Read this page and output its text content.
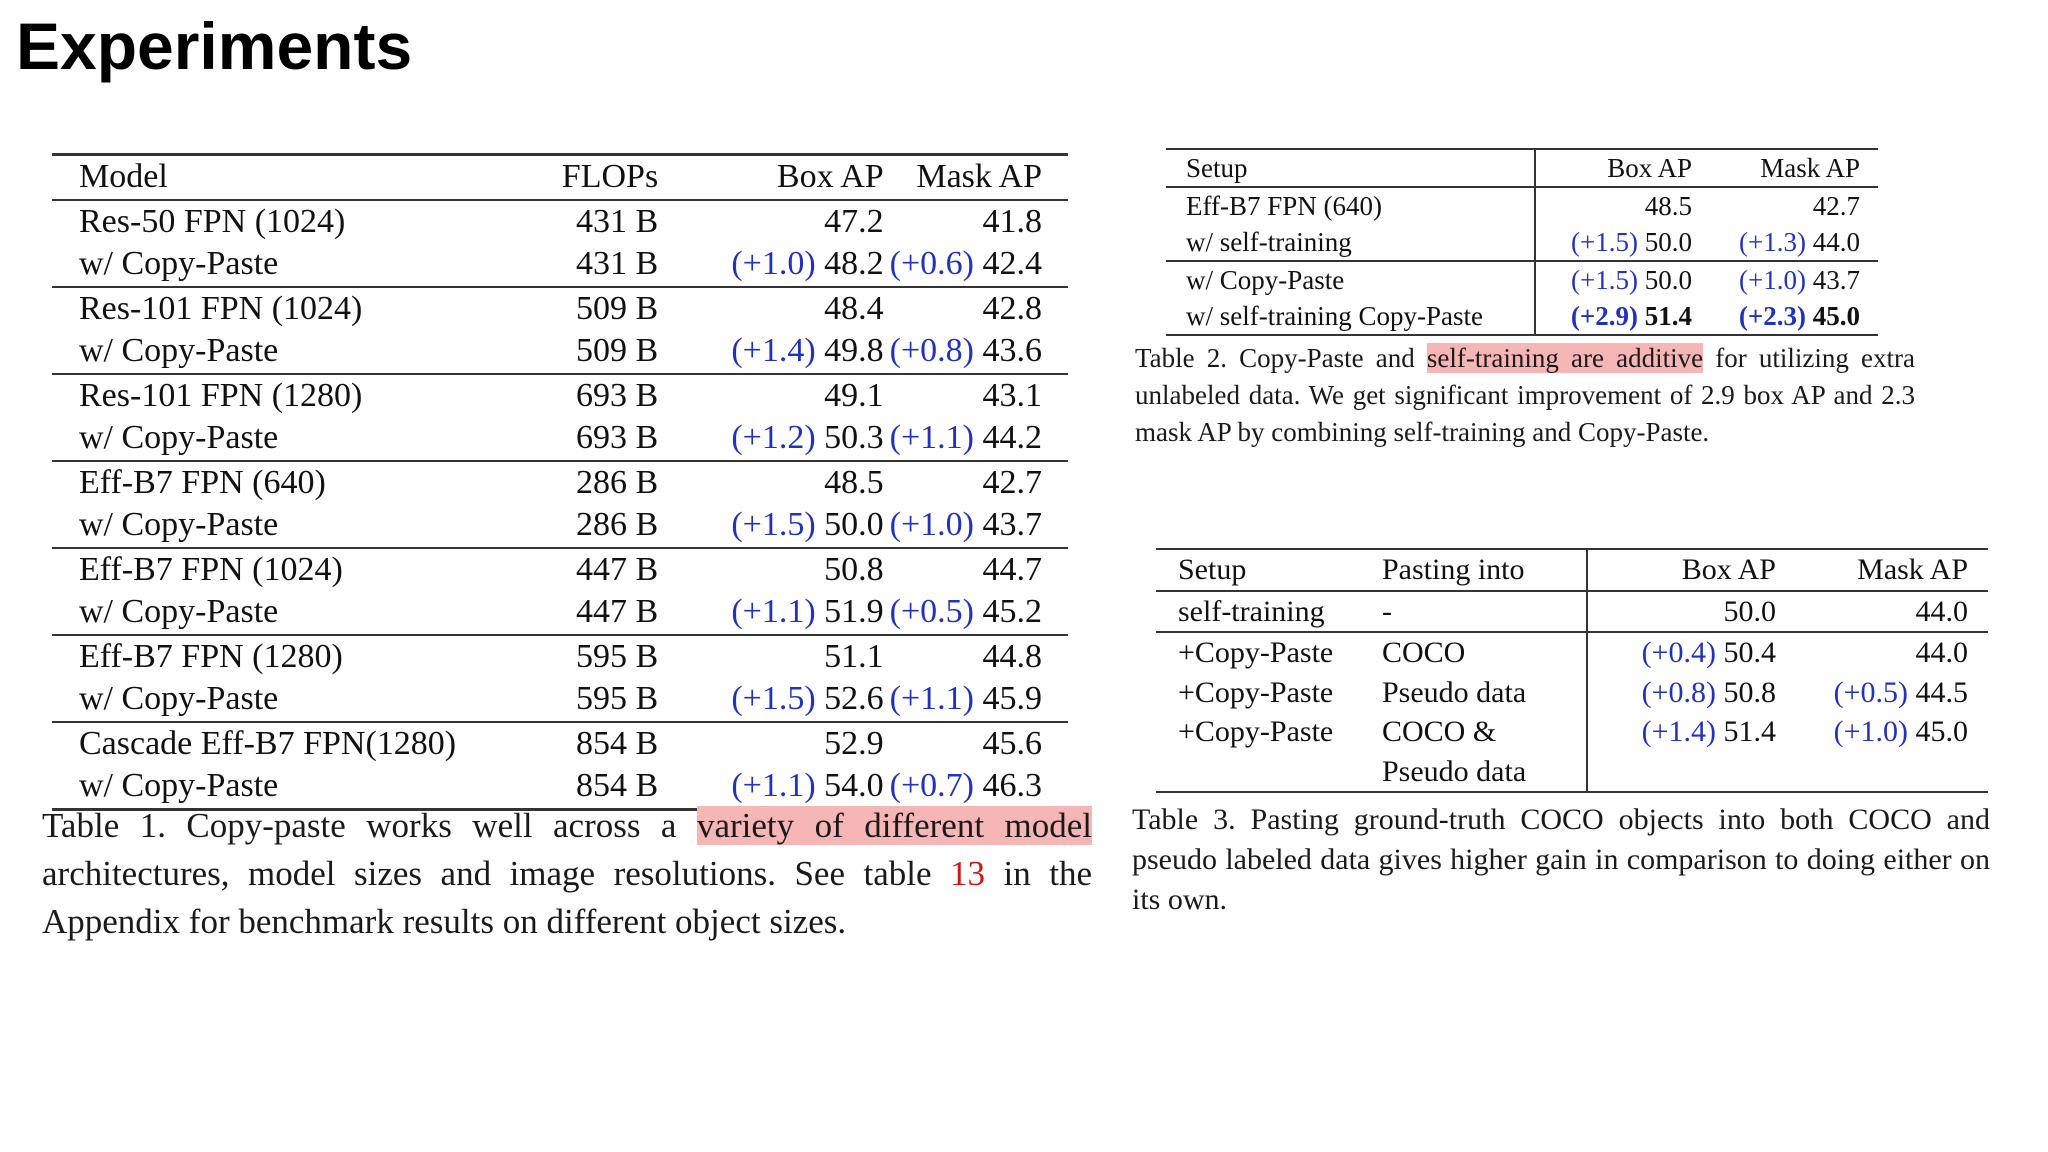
Experiments
Model	FLOPs	Box AP	Mask AP
Res-50 FPN (1024)	431 B	47.2	41.8
w/ Copy-Paste	431 B	(+1.0) 48.2	(+0.6) 42.4
Res-101 FPN (1024)	509 B	48.4	42.8
w/ Copy-Paste	509 B	(+1.4) 49.8	(+0.8) 43.6
Res-101 FPN (1280)	693 B	49.1	43.1
w/ Copy-Paste	693 B	(+1.2) 50.3	(+1.1) 44.2
Eff-B7 FPN (640)	286 B	48.5	42.7
w/ Copy-Paste	286 B	(+1.5) 50.0	(+1.0) 43.7
Eff-B7 FPN (1024)	447 B	50.8	44.7
w/ Copy-Paste	447 B	(+1.1) 51.9	(+0.5) 45.2
Eff-B7 FPN (1280)	595 B	51.1	44.8
w/ Copy-Paste	595 B	(+1.5) 52.6	(+1.1) 45.9
Cascade Eff-B7 FPN(1280)	854 B	52.9	45.6
w/ Copy-Paste	854 B	(+1.1) 54.0	(+0.7) 46.3
Table 1. Copy-paste works well across a variety of different model architectures, model sizes and image resolutions. See table 13 in the Appendix for benchmark results on different object sizes.
Setup	Box AP	Mask AP
Eff-B7 FPN (640)	48.5	42.7
w/ self-training	(+1.5) 50.0	(+1.3) 44.0
w/ Copy-Paste	(+1.5) 50.0	(+1.0) 43.7
w/ self-training Copy-Paste	(+2.9) 51.4	(+2.3) 45.0
Table 2. Copy-Paste and self-training are additive for utilizing extra unlabeled data. We get significant improvement of 2.9 box AP and 2.3 mask AP by combining self-training and Copy-Paste.
Setup	Pasting into	Box AP	Mask AP
self-training	-	50.0	44.0
+Copy-Paste	COCO	(+0.4) 50.4	44.0
+Copy-Paste	Pseudo data	(+0.8) 50.8	(+0.5) 44.5
+Copy-Paste	COCO &	(+1.4) 51.4	(+1.0) 45.0
	Pseudo data		
Table 3. Pasting ground-truth COCO objects into both COCO and pseudo labeled data gives higher gain in comparison to doing either on its own.
